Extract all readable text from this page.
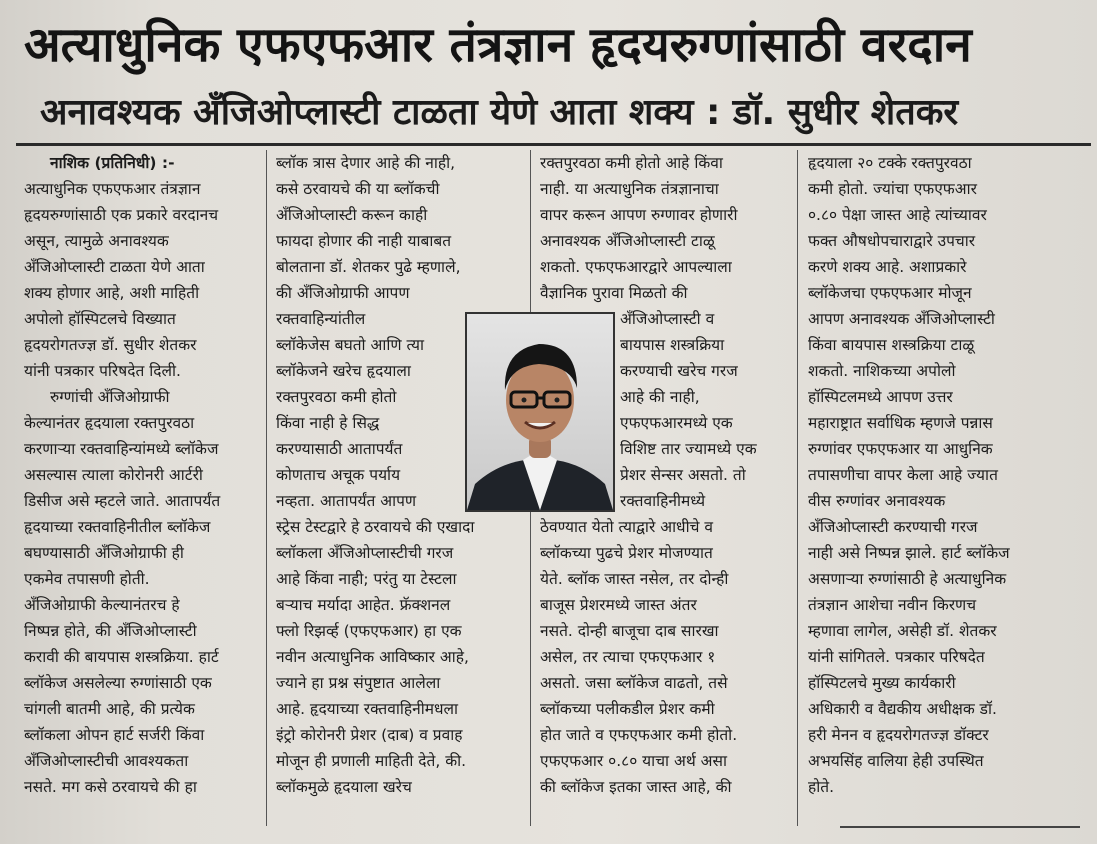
अत्याधुनिक एफएफआर तंत्रज्ञान हृदयरुग्णांसाठी वरदान
अनावश्यक अँजिओप्लास्टी टाळता येणे आता शक्य : डॉ. सुधीर शेतकर
नाशिक (प्रतिनिधी) :-
अत्याधुनिक एफएफआर तंत्रज्ञान
हृदयरुग्णांसाठी एक प्रकारे वरदानच
असून, त्यामुळे अनावश्यक
अँजिओप्लास्टी टाळता येणे आता
शक्य होणार आहे, अशी माहिती
अपोलो हॉस्पिटलचे विख्यात
हृदयरोगतज्ज्ञ डॉ. सुधीर शेतकर
यांनी पत्रकार परिषदेत दिली.
रुग्णांची अँजिओग्राफी
केल्यानंतर हृदयाला रक्तपुरवठा
करणाऱ्या रक्तवाहिन्यांमध्ये ब्लॉकेज
असल्यास त्याला कोरोनरी आर्टरी
डिसीज असे म्हटले जाते. आतापर्यंत
हृदयाच्या रक्तवाहिनीतील ब्लॉकेज
बघण्यासाठी अँजिओग्राफी ही
एकमेव तपासणी होती.
अँजिओग्राफी केल्यानंतरच हे
निष्पन्न होते, की अँजिओप्लास्टी
करावी की बायपास शस्त्रक्रिया. हार्ट
ब्लॉकेज असलेल्या रुग्णांसाठी एक
चांगली बातमी आहे, की प्रत्येक
ब्लॉकला ओपन हार्ट सर्जरी किंवा
अँजिओप्लास्टीची आवश्यकता
नसते. मग कसे ठरवायचे की हा
ब्लॉक त्रास देणार आहे की नाही,
कसे ठरवायचे की या ब्लॉकची
अँजिओप्लास्टी करून काही
फायदा होणार की नाही याबाबत
बोलताना डॉ. शेतकर पुढे म्हणाले,
की अँजिओग्राफी आपण
रक्तवाहिन्यांतील
ब्लॉकेजेस बघतो आणि त्या
ब्लॉकेजने खरेच हृदयाला
रक्तपुरवठा कमी होतो
किंवा नाही हे सिद्ध
करण्यासाठी आतापर्यंत
कोणताच अचूक पर्याय
नव्हता. आतापर्यंत आपण
स्ट्रेस टेस्टद्वारे हे ठरवायचे की एखादा
ब्लॉकला अँजिओप्लास्टीची गरज
आहे किंवा नाही; परंतु या टेस्टला
बऱ्याच मर्यादा आहेत. फ्रॅक्शनल
फ्लो रिझर्व्ह (एफएफआर) हा एक
नवीन अत्याधुनिक आविष्कार आहे,
ज्याने हा प्रश्न संपुष्टात आलेला
आहे. हृदयाच्या रक्तवाहिनीमधला
इंट्रो कोरोनरी प्रेशर (दाब) व प्रवाह
मोजून ही प्रणाली माहिती देते, की.
ब्लॉकमुळे हृदयाला खरेच
रक्तपुरवठा कमी होतो आहे किंवा
नाही. या अत्याधुनिक तंत्रज्ञानाचा
वापर करून आपण रुग्णावर होणारी
अनावश्यक अँजिओप्लास्टी टाळू
शकतो. एफएफआरद्वारे आपल्याला
वैज्ञानिक पुरावा मिळतो की
अँजिओप्लास्टी व
बायपास शस्त्रक्रिया
करण्याची खरेच गरज
आहे की नाही,
एफएफआरमध्ये एक
विशिष्ट तार ज्यामध्ये एक
प्रेशर सेन्सर असतो. तो
रक्तवाहिनीमध्ये
ठेवण्यात येतो त्याद्वारे आधीचे व
ब्लॉकच्या पुढचे प्रेशर मोजण्यात
येते. ब्लॉक जास्त नसेल, तर दोन्ही
बाजूस प्रेशरमध्ये जास्त अंतर
नसते. दोन्ही बाजूचा दाब सारखा
असेल, तर त्याचा एफएफआर १
असतो. जसा ब्लॉकेज वाढतो, तसे
ब्लॉकच्या पलीकडील प्रेशर कमी
होत जाते व एफएफआर कमी होतो.
एफएफआर ०.८० याचा अर्थ असा
की ब्लॉकेज इतका जास्त आहे, की
हृदयाला २० टक्के रक्तपुरवठा
कमी होतो. ज्यांचा एफएफआर
०.८० पेक्षा जास्त आहे त्यांच्यावर
फक्त औषधोपचाराद्वारे उपचार
करणे शक्य आहे. अशाप्रकारे
ब्लॉकेजचा एफएफआर मोजून
आपण अनावश्यक अँजिओप्लास्टी
किंवा बायपास शस्त्रक्रिया टाळू
शकतो. नाशिकच्या अपोलो
हॉस्पिटलमध्ये आपण उत्तर
महाराष्ट्रात सर्वाधिक म्हणजे पन्नास
रुग्णांवर एफएफआर या आधुनिक
तपासणीचा वापर केला आहे ज्यात
वीस रुग्णांवर अनावश्यक
अँजिओप्लास्टी करण्याची गरज
नाही असे निष्पन्न झाले. हार्ट ब्लॉकेज
असणाऱ्या रुग्णांसाठी हे अत्याधुनिक
तंत्रज्ञान आशेचा नवीन किरणच
म्हणावा लागेल, असेही डॉ. शेतकर
यांनी सांगितले. पत्रकार परिषदेत
हॉस्पिटलचे मुख्य कार्यकारी
अधिकारी व वैद्यकीय अधीक्षक डॉ.
हरी मेनन व हृदयरोगतज्ज्ञ डॉक्टर
अभयसिंह वालिया हेही उपस्थित
होते.
